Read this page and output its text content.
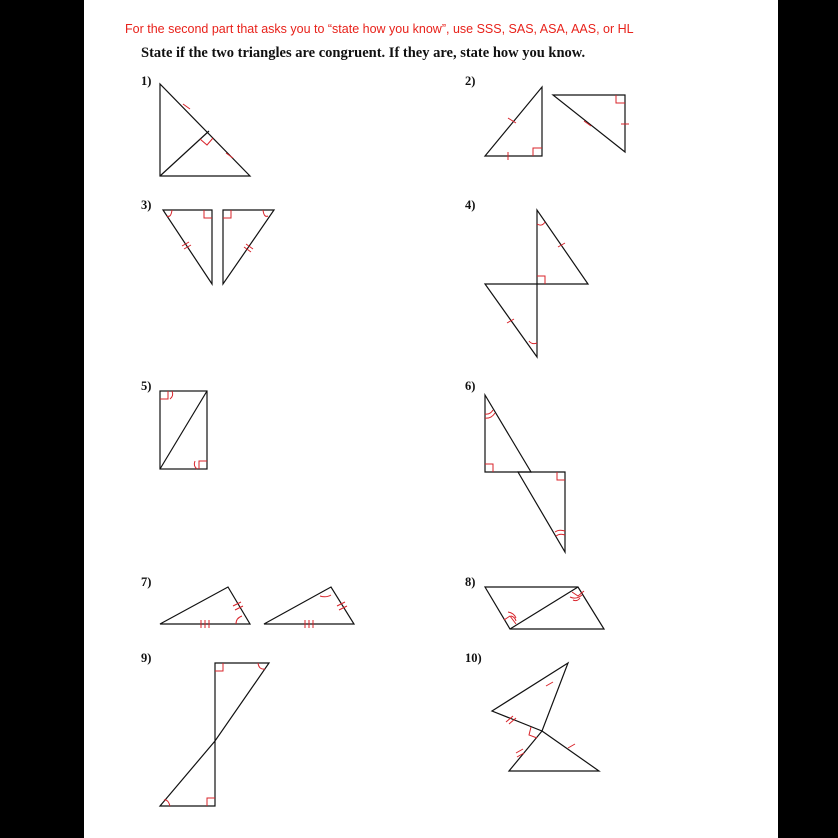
For the second part that asks you to “state how you know”, use SSS, SAS, ASA, AAS, or HL
State if the two triangles are congruent. If they are, state how you know.
1)	2)
3)	4)
5)	6)
7)	8)
9)	10)
